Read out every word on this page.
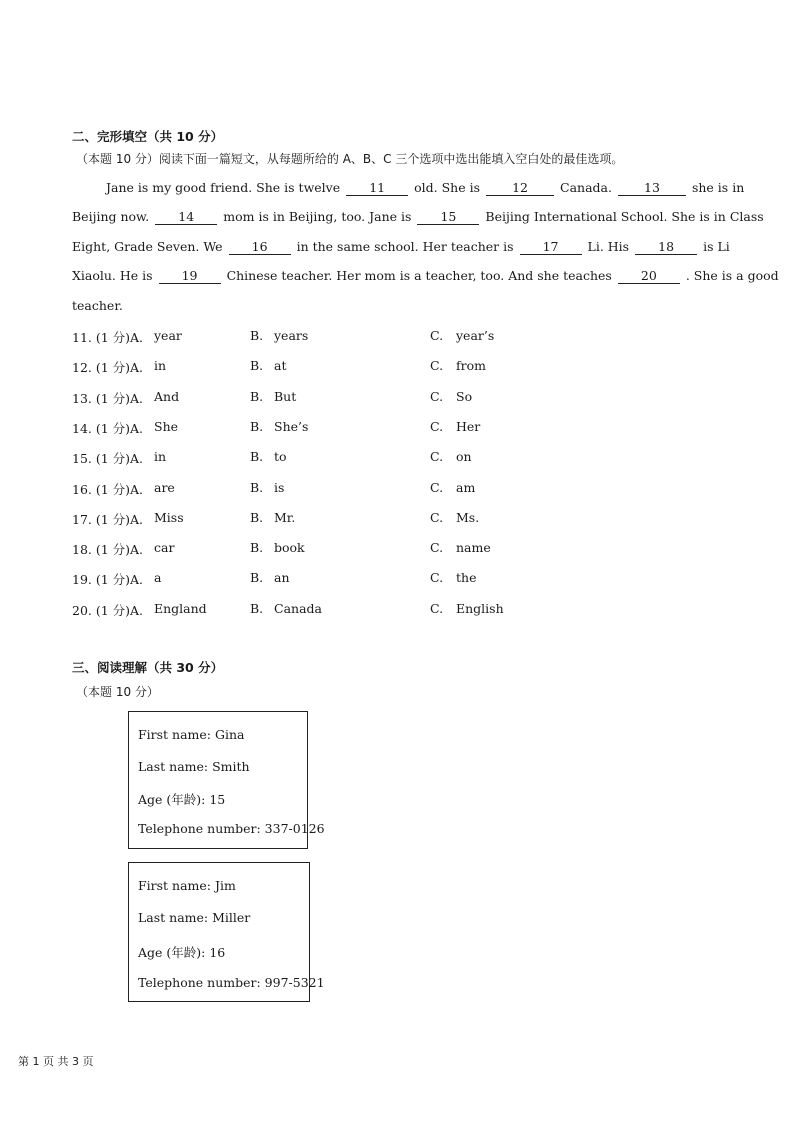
二、完形填空（共 10 分）
（本题 10 分）阅读下面一篇短文，从每题所给的 A、B、C 三个选项中选出能填入空白处的最佳选项。
Jane is my good friend. She is twelve 11 old. She is	12	Canada.	13	she is in
Beijing now. 14 mom is in Beijing, too. Jane is 15 Beijing International School. She is in Class
Eight, Grade Seven. We 16 in the same school. Her teacher is 17 Li. His 18 is Li
Xiaolu. He is 19 Chinese teacher. Her mom is a teacher, too. And she teaches 20 . She is a good
teacher.
11. (1 分)A. year	B. years	C. year’s
12. (1 分)A. in	B. at	C. from
13. (1 分)A. And	B. But	C. So
14. (1 分)A. She	B. She’s	C. Her
15. (1 分)A. in	B. to	C. on
16. (1 分)A. are	B. is	C. am
17. (1 分)A. Miss	B. Mr.	C. Ms.
18. (1 分)A. car	B. book	C. name
19. (1 分)A. a	B. an	C. the
20. (1 分)A. England	B. Canada	C. English
三、阅读理解（共 30 分）
（本题 10 分）
First name: Gina
Last name: Smith
Age (年龄): 15
Telephone number: 337-0126
First name: Jim
Last name: Miller
Age (年龄): 16
Telephone number: 997-5321
第 1 页 共 3 页
